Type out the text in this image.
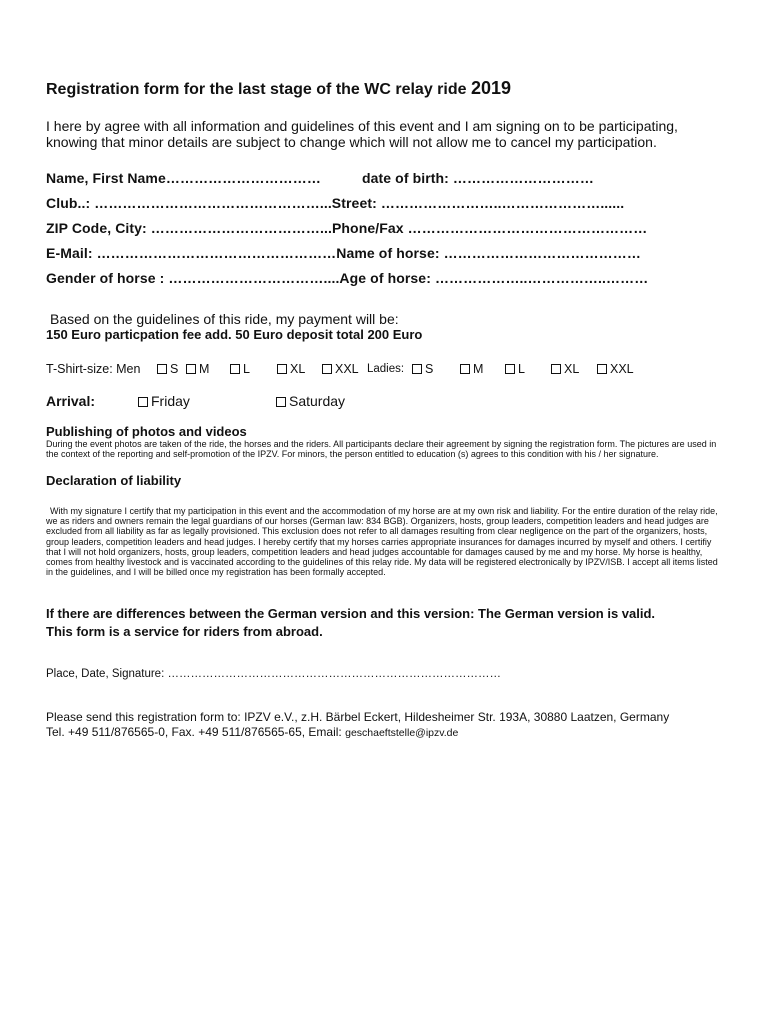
Registration form for the last stage of the WC relay ride 2019
I here by agree with all information and guidelines of this event and I am signing on to be participating, knowing that minor details are subject to change which will not allow me to cancel my participation.
Name, First Name……………………………	date of birth: …………………………
Club..: …………………………………………...Street: ……………………..…………………......
ZIP Code, City: ………………………………...Phone/Fax ……………………………………………
E-Mail: ……………………………………………Name of horse: ……………………………………
Gender of horse : ……………………………....Age of horse: ………………..……………..………
Based on the guidelines of this ride, my payment will be:
150 Euro particpation fee add. 50 Euro deposit total 200 Euro
T-Shirt-size: Men	S	M	L	XL	XXL Ladies:	S	M	L	XL	XXL
Arrival:	Friday	Saturday
Publishing of photos and videos
During the event photos are taken of the ride, the horses and the riders. All participants declare their agreement by signing the registration form. The pictures are used in the context of the reporting and self-promotion of the IPZV. For minors, the person entitled to education (s) agrees to this condition with his / her signature.
Declaration of liability
With my signature I certify that my participation in this event and the accommodation of my horse are at my own risk and liability. For the entire duration of the relay ride, we as riders and owners remain the legal guardians of our horses (German law: 834 BGB). Organizers, hosts, group leaders, competition leaders and head judges are excluded from all liability as far as legally provisioned. This exclusion does not refer to all damages resulting from clear negligence on the part of the organizers, hosts, group leaders, competition leaders and head judges. I hereby certify that my horses carries appropriate insurances for damages incurred by myself and others. I certifiy that I will not hold organizers, hosts, group leaders, competition leaders and head judges accountable for damages caused by me and my horse. My horse is healthy, comes from healthy livestock and is vaccinated according to the guidelines of this relay ride. My data will be registered electronically by IPZV/ISB. I accept all items listed in the guidelines, and I will be billed once my registration has been formally accepted.
If there are differences between the German version and this version: The German version is valid.
This form is a service for riders from abroad.
Place, Date, Signature: ……………………………………………………………………………
Please send this registration form to: IPZV e.V., z.H. Bärbel Eckert, Hildesheimer Str. 193A, 30880 Laatzen, Germany
Tel. +49 511/876565-0, Fax. +49 511/876565-65, Email: geschaeftstelle@ipzv.de
